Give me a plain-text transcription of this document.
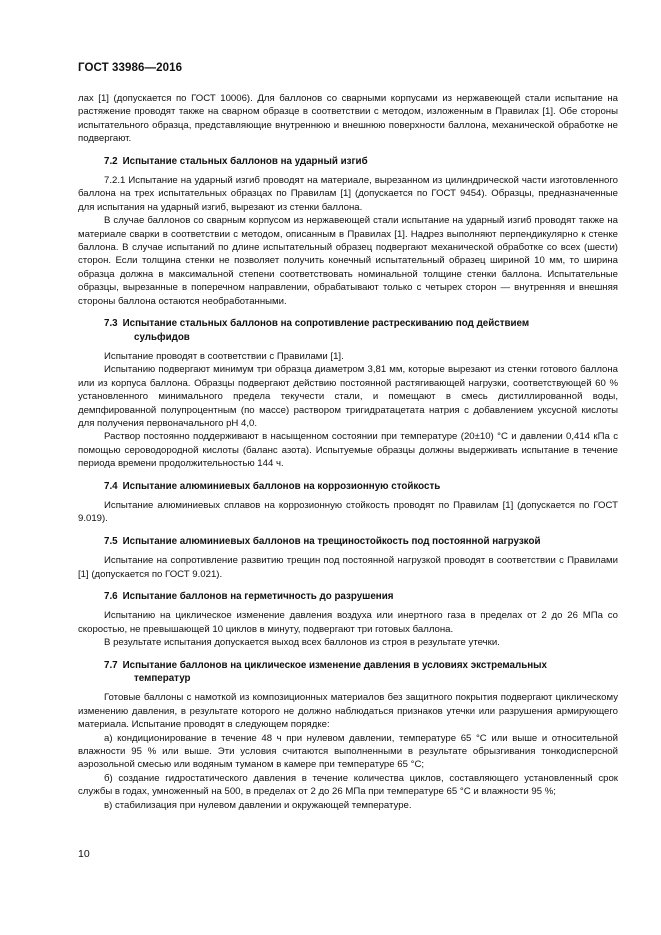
ГОСТ 33986—2016

лах [1] (допускается по ГОСТ 10006). Для баллонов со сварными корпусами из нержавеющей стали испытание на растяжение проводят также на сварном образце в соответствии с методом, изложенным в Правилах [1]. Обе стороны испытательного образца, представляющие внутреннюю и внешнюю поверхности баллона, механической обработке не подвергают.

7.2 Испытание стальных баллонов на ударный изгиб

7.2.1 Испытание на ударный изгиб проводят на материале, вырезанном из цилиндрической части изготовленного баллона на трех испытательных образцах по Правилам [1] (допускается по ГОСТ 9454). Образцы, предназначенные для испытания на ударный изгиб, вырезают из стенки баллона.

В случае баллонов со сварным корпусом из нержавеющей стали испытание на ударный изгиб проводят также на материале сварки в соответствии с методом, описанным в Правилах [1]. Надрез выполняют перпендикулярно к стенке баллона. В случае испытаний по длине испытательный образец подвергают механической обработке со всех (шести) сторон. Если толщина стенки не позволяет получить конечный испытательный образец шириной 10 мм, то ширина образца должна в максимальной степени соответствовать номинальной толщине стенки баллона. Испытательные образцы, вырезанные в поперечном направлении, обрабатывают только с четырех сторон — внутренняя и внешняя стороны баллона остаются необработанными.

7.3 Испытание стальных баллонов на сопротивление растрескиванию под действием
сульфидов

Испытание проводят в соответствии с Правилами [1].

Испытанию подвергают минимум три образца диаметром 3,81 мм, которые вырезают из стенки готового баллона или из корпуса баллона. Образцы подвергают действию постоянной растягивающей нагрузки, соответствующей 60 % установленного минимального предела текучести стали, и помещают в смесь дистиллированной воды, демпфированной полупроцентным (по массе) раствором тригидратацетата натрия с добавлением уксусной кислоты для получения первоначального pH 4,0.

Раствор постоянно поддерживают в насыщенном состоянии при температуре (20±10) °С и давлении 0,414 кПа с помощью сероводородной кислоты (баланс азота). Испытуемые образцы должны выдерживать испытание в течение периода времени продолжительностью 144 ч.

7.4 Испытание алюминиевых баллонов на коррозионную стойкость

Испытание алюминиевых сплавов на коррозионную стойкость проводят по Правилам [1] (допускается по ГОСТ 9.019).

7.5 Испытание алюминиевых баллонов на трещиностойкость под постоянной нагрузкой

Испытание на сопротивление развитию трещин под постоянной нагрузкой проводят в соответствии с Правилами [1] (допускается по ГОСТ 9.021).

7.6 Испытание баллонов на герметичность до разрушения

Испытанию на циклическое изменение давления воздуха или инертного газа в пределах от 2 до 26 МПа со скоростью, не превышающей 10 циклов в минуту, подвергают три готовых баллона.

В результате испытания допускается выход всех баллонов из строя в результате утечки.

7.7 Испытание баллонов на циклическое изменение давления в условиях экстремальных
температур

Готовые баллоны с намоткой из композиционных материалов без защитного покрытия подвергают циклическому изменению давления, в результате которого не должно наблюдаться признаков утечки или разрушения армирующего материала. Испытание проводят в следующем порядке:

а) кондиционирование в течение 48 ч при нулевом давлении, температуре 65 °С или выше и относительной влажности 95 % или выше. Эти условия считаются выполненными в результате обрызгивания тонкодисперсной аэрозольной смесью или водяным туманом в камере при температуре 65 °С;

б) создание гидростатического давления в течение количества циклов, составляющего установленный срок службы в годах, умноженный на 500, в пределах от 2 до 26 МПа при температуре 65 °С и влажности 95 %;

в) стабилизация при нулевом давлении и окружающей температуре.

10
